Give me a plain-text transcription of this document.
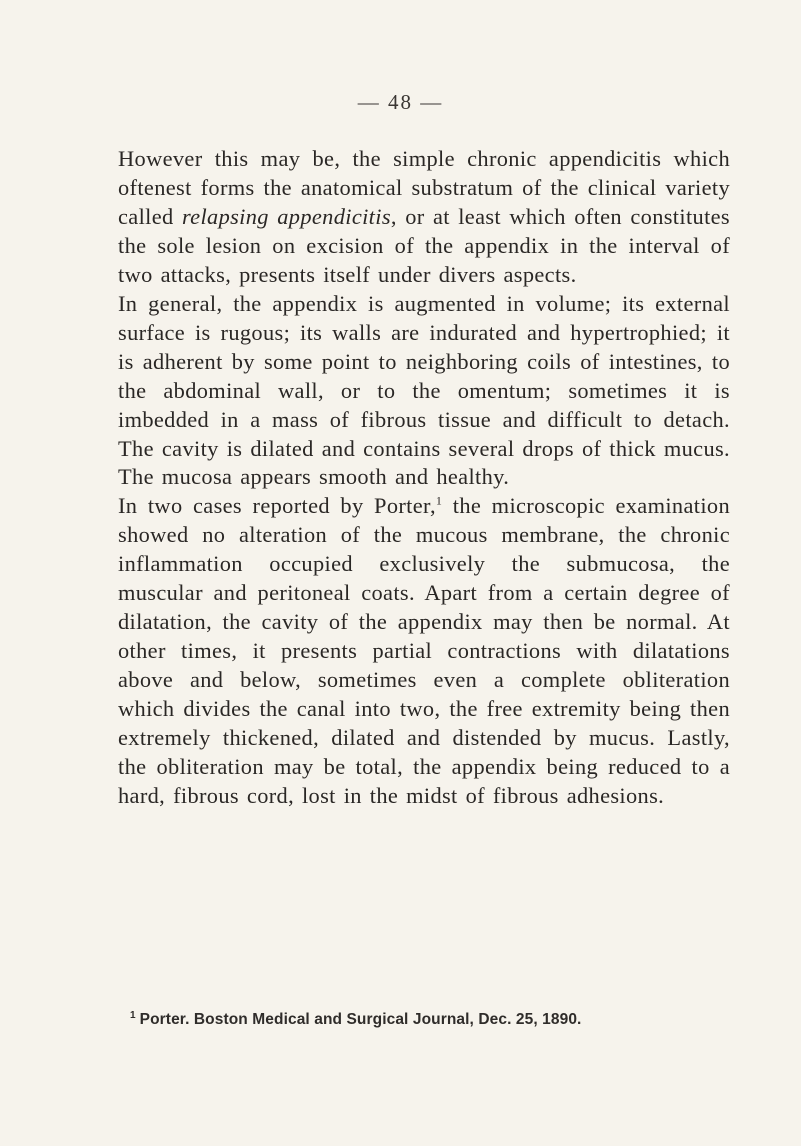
— 48 —

However this may be, the simple chronic appendicitis which oftenest forms the anatomical substratum of the clinical variety called relapsing appendicitis, or at least which often constitutes the sole lesion on excision of the appendix in the interval of two attacks, presents itself under divers aspects.

In general, the appendix is augmented in volume; its external surface is rugous; its walls are indurated and hypertrophied; it is adherent by some point to neighboring coils of intestines, to the abdominal wall, or to the omentum; sometimes it is imbedded in a mass of fibrous tissue and difficult to detach. The cavity is dilated and contains several drops of thick mucus. The mucosa appears smooth and healthy.

In two cases reported by Porter,$^1$ the microscopic examination showed no alteration of the mucous membrane, the chronic inflammation occupied exclusively the submucosa, the muscular and peritoneal coats. Apart from a certain degree of dilatation, the cavity of the appendix may then be normal. At other times, it presents partial contractions with dilatations above and below, sometimes even a complete obliteration which divides the canal into two, the free extremity being then extremely thickened, dilated and distended by mucus. Lastly, the obliteration may be total, the appendix being reduced to a hard, fibrous cord, lost in the midst of fibrous adhesions.

$^1$ Porter. Boston Medical and Surgical Journal, Dec. 25, 1890.
